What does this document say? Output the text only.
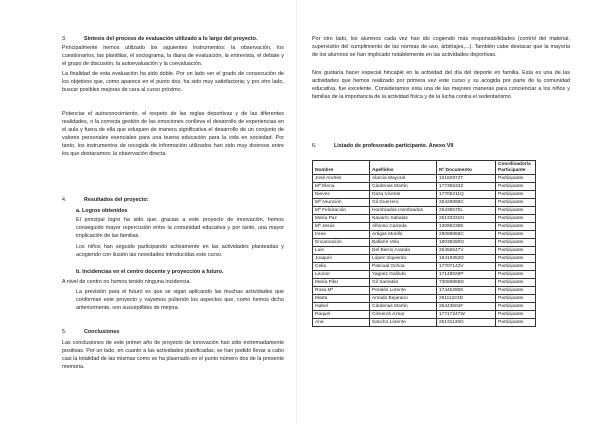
3.	Síntesis del proceso de evaluación utilizado a lo largo del proyecto.

Principalmente hemos utilizado los siguientes instrumentos: la observación, los cuestionarios, las plantillas, el sociograma, la diana de evaluación, la entrevista, el debate y el grupo de discusión, la autoevaluación y la coevaluación.

La finalidad de esta evaluación ha sido doble. Por un lado ver el grado de consecución de los objetivos que, como aparece en el punto dos, ha sido muy satisfactoria; y por otro lado, buscar posibles mejoras de cara al curso próximo.

Potenciar el autoconocimiento, el respeto de las reglas deportivas y de las diferentes realidades, o la correcta gestión de las emociones conlleva el desarrollo de experiencias en el aula y fuera de ella que eduquen de manera significativa el desarrollo de un conjunto de valores personales esenciales para una buena educación para la vida en sociedad. Por tanto, los instrumentos de recogida de información utilizados han sido muy diversos entre los que destacamos: la observación directa.

4.	Resultados del proyecto:
a. Logros obtenidos

El principal logro ha sido que, gracias a este proyecto de innovación, hemos conseguido mayor repercusión entre la comunidad educativa y por tanto, una mayor implicación de las familias.

Los niños han seguido participando activamente en las actividades planteadas y acogiendo con ilusión las novedades introducidas este curso.

b. Incidencias en el centro docente y proyección a futuro.

A nivel de centro no hemos tenido ninguna incidencia.

La previsión para el futuro es que se sigan aplicando las muchas actividades que conforman este proyecto y vayamos puliendo los aspectos que, como hemos dicho anteriormente, son susceptibles de mejora.

5.	Conclusiones

Las conclusiones de este primer año de proyecto de innovación han sido extremadamente positivas. Por un lado, en cuanto a las actividades planificadas, se han podido llevar a cabo casi la totalidad de las mismas como se ha plasmado en el punto número dos de la presente memoria.

Por otro lado, los alumnos cada vez han ido cogiendo más responsabilidades (control del material, supervisión del cumplimiento de las normas de uso, árbitrajes,...). También cabe destacar que la mayoría de los alumnos se han implicado notablemente en las actividades deportivas.

Nos gustaría hacer especial hincapié en la actividad del día del deporte en familia. Esta es una de las actividades que hemos realizado por primera vez este curso y su acogida por parte de la comunidad educativa, fue excelente. Consideramos esta una de las mejores maneras para concienciar a los niños y familias de la importancia de la actividad física y de la lucha contra el sedentarismo.

6.	Listado de profesorado participante. Anexo VII
Nombre	Apellidos	Nº Documento	Coordinador/a Participante
José Andrés	Alarcia Mayoral	10182974T	Participante
Mª Elena	Cárdenas Martín	17735533Z	Participante
Nieves	Daza Vicente	17709211Q	Participante
Mª Asunción	Gil Guerrero	25428866C	Participante
Mª Felicitación	Hombrados Hombrados	25436570L	Participante
María Paz	Navarro Sabalas	25133331N	Participante
Mª Jesús	Alfonso Carreda	13099235E	Participante
Irene	Artigas Murillo	29088856C	Participante
Encarnación	Ballarín Vela	18038280G	Participante
Luis	Del Barrio Aranda	25456547V	Participante
Joaquín	López Izquierdo	18419352D	Participante
Celia	Pascual Ochoa	17707142V	Participante
Leonor	Yagüez Galindo	17148028P	Participante
María Pilar	Gil Samatán	73068885D	Participante
Rosa Mª	Peralés Lorente	17445280K	Participante
Marta	Amado Bejarano	29111224D	Participante
Isabel	Cárdenas Martín	25443504F	Participante
Raquel	Cisneros Aznar	17717247W	Participante
Ana	Sancho Lorente	25131139G	Participante
